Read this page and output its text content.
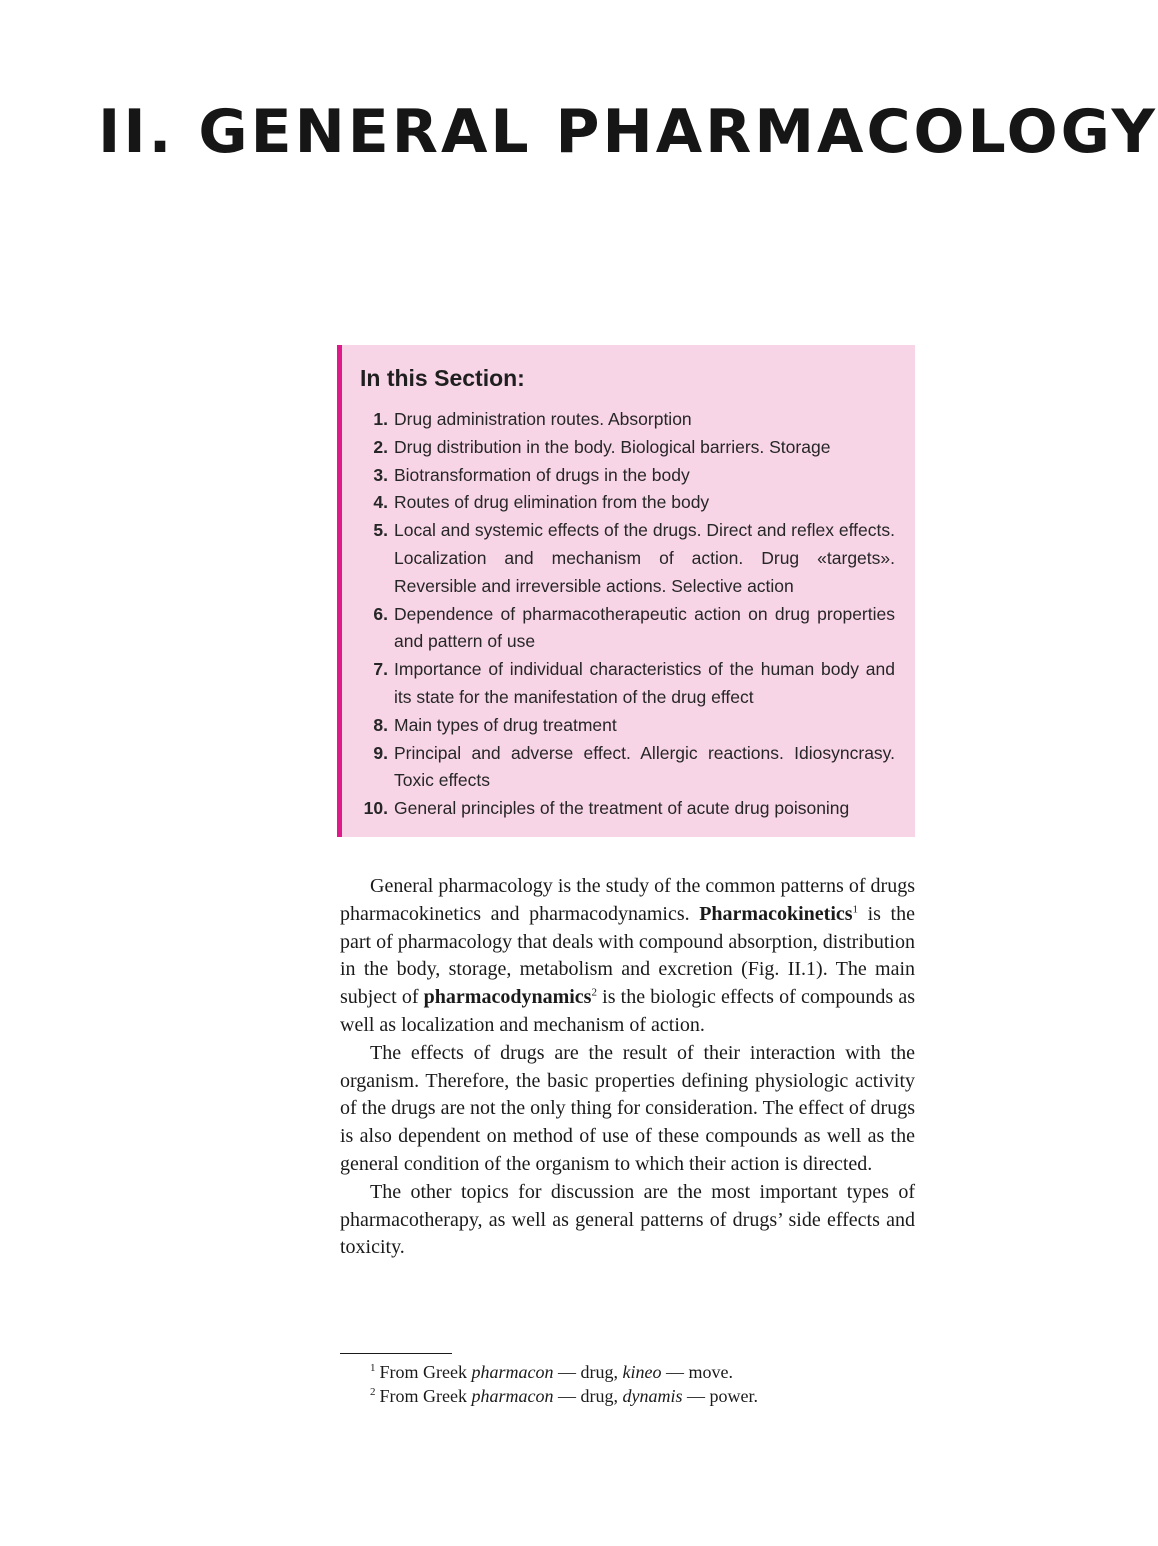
II. GENERAL PHARMACOLOGY
In this Section:
1. Drug administration routes. Absorption
2. Drug distribution in the body. Biological barriers. Storage
3. Biotransformation of drugs in the body
4. Routes of drug elimination from the body
5. Local and systemic effects of the drugs. Direct and reflex effects. Localization and mechanism of action. Drug «targets». Reversible and irreversible actions. Selective action
6. Dependence of pharmacotherapeutic action on drug properties and pattern of use
7. Importance of individual characteristics of the human body and its state for the manifestation of the drug effect
8. Main types of drug treatment
9. Principal and adverse effect. Allergic reactions. Idiosyncrasy. Toxic effects
10. General principles of the treatment of acute drug poisoning

General pharmacology is the study of the common patterns of drugs pharmacokinetics and pharmacodynamics. Pharmacokinetics$^1$ is the part of pharmacology that deals with compound absorption, distribution in the body, storage, metabolism and excretion (Fig. II.1). The main subject of pharmacodynamics$^2$ is the biologic effects of compounds as well as localization and mechanism of action.

The effects of drugs are the result of their interaction with the organism. Therefore, the basic properties defining physiologic activity of the drugs are not the only thing for consideration. The effect of drugs is also dependent on method of use of these compounds as well as the general condition of the organism to which their action is directed.

The other topics for discussion are the most important types of pharmacotherapy, as well as general patterns of drugs’ side effects and toxicity.

$^1$ From Greek pharmacon — drug, kineo — move.

$^2$ From Greek pharmacon — drug, dynamis — power.
